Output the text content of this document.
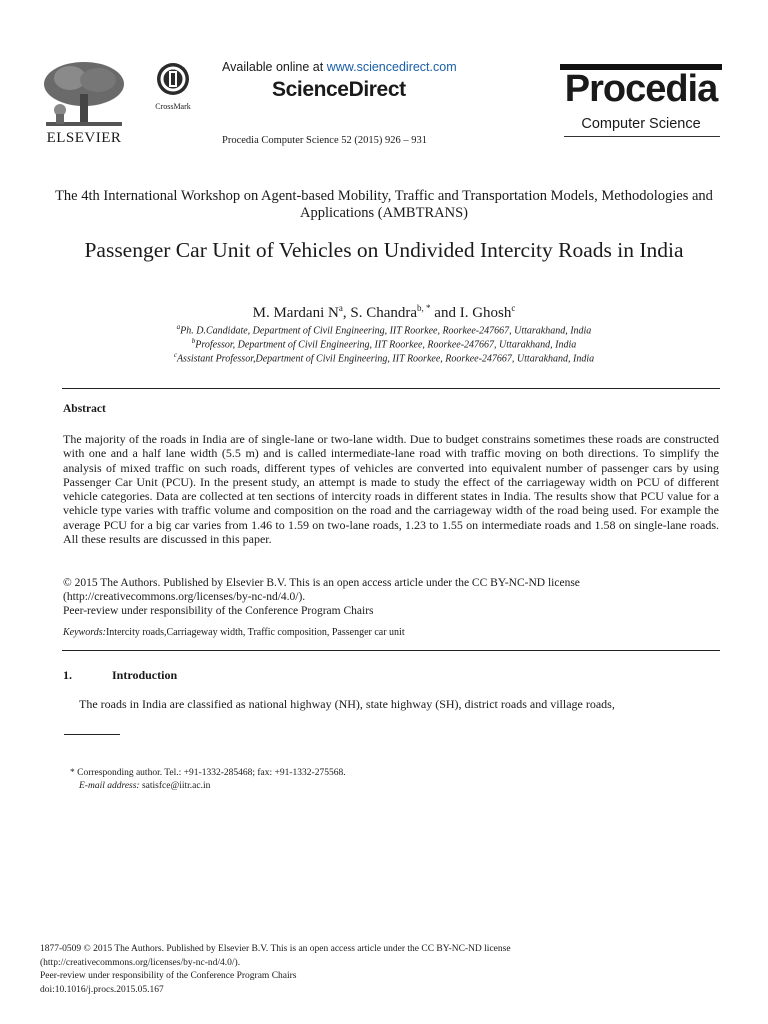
ELSEVIER
CrossMark
Available online at www.sciencedirect.com
ScienceDirect
Procedia Computer Science 52 (2015) 926 – 931
Procedia
Computer Science
The 4th International Workshop on Agent-based Mobility, Traffic and Transportation Models, Methodologies and Applications (AMBTRANS)
Passenger Car Unit of Vehicles on Undivided Intercity Roads in India
M. Mardani $N^a$, S. Chandra$^{b, *}$ and I. Ghosh$^c$
$^a$Ph. D.Candidate, Department of Civil Engineering, IIT Roorkee, Roorkee-247667, Uttarakhand, India
$^b$Professor, Department of Civil Engineering, IIT Roorkee, Roorkee-247667, Uttarakhand, India
$^c$Assistant Professor,Department of Civil Engineering, IIT Roorkee, Roorkee-247667, Uttarakhand, India
Abstract
The majority of the roads in India are of single-lane or two-lane width. Due to budget constrains sometimes these roads are constructed with one and a half lane width (5.5 m) and is called intermediate-lane road with traffic moving on both directions. To simplify the analysis of mixed traffic on such roads, different types of vehicles are converted into equivalent number of passenger cars by using Passenger Car Unit (PCU). In the present study, an attempt is made to study the effect of the carriageway width on PCU of different vehicle categories. Data are collected at ten sections of intercity roads in different states in India. The results show that PCU value for a vehicle type varies with traffic volume and composition on the road and the carriageway width of the road being used. For example the average PCU for a big car varies from 1.46 to 1.59 on two-lane roads, 1.23 to 1.55 on intermediate roads and 1.58 on single-lane roads. All these results are discussed in this paper.
© 2015 The Authors. Published by Elsevier B.V. This is an open access article under the CC BY-NC-ND license
(http://creativecommons.org/licenses/by-nc-nd/4.0/).
Peer-review under responsibility of the Conference Program Chairs
Keywords:Intercity roads,Carriageway width, Traffic composition, Passenger car unit
1.	Introduction
The roads in India are classified as national highway (NH), state highway (SH), district roads and village roads,
* Corresponding author. Tel.: +91-1332-285468; fax: +91-1332-275568.
E-mail address: satisfce@iitr.ac.in
1877-0509 © 2015 The Authors. Published by Elsevier B.V. This is an open access article under the CC BY-NC-ND license
(http://creativecommons.org/licenses/by-nc-nd/4.0/).
Peer-review under responsibility of the Conference Program Chairs
doi:10.1016/j.procs.2015.05.167
